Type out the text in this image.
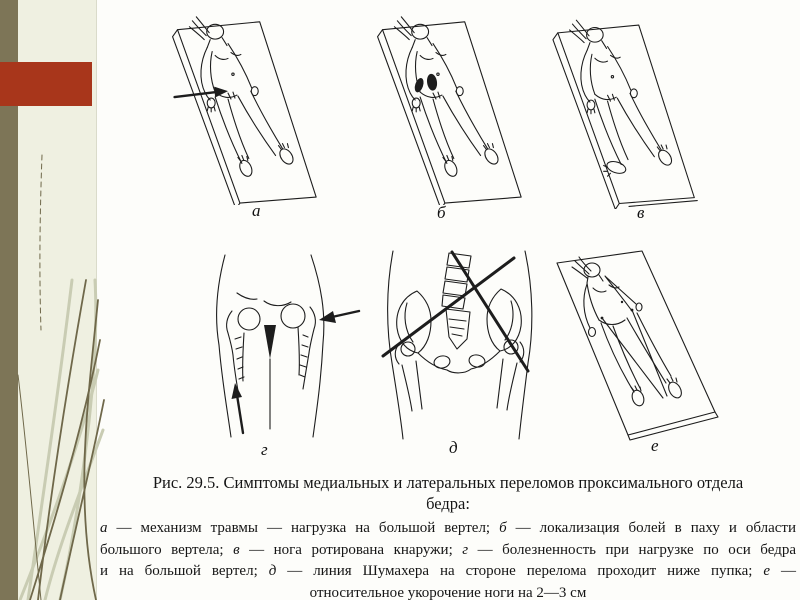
а	б	в
г	д	е
Рис. 29.5. Симптомы медиальных и латеральных переломов проксимального отдела
бедра:
а — механизм травмы — нагрузка на большой вертел; б — локализация болей в паху и области
большого вертела; в — нога ротирована кнаружи; г — болезненность при нагрузке по оси бедра
и на большой вертел; д — линия Шумахера на стороне перелома проходит ниже пупка; е —
относительное укорочение ноги на 2—3 см
